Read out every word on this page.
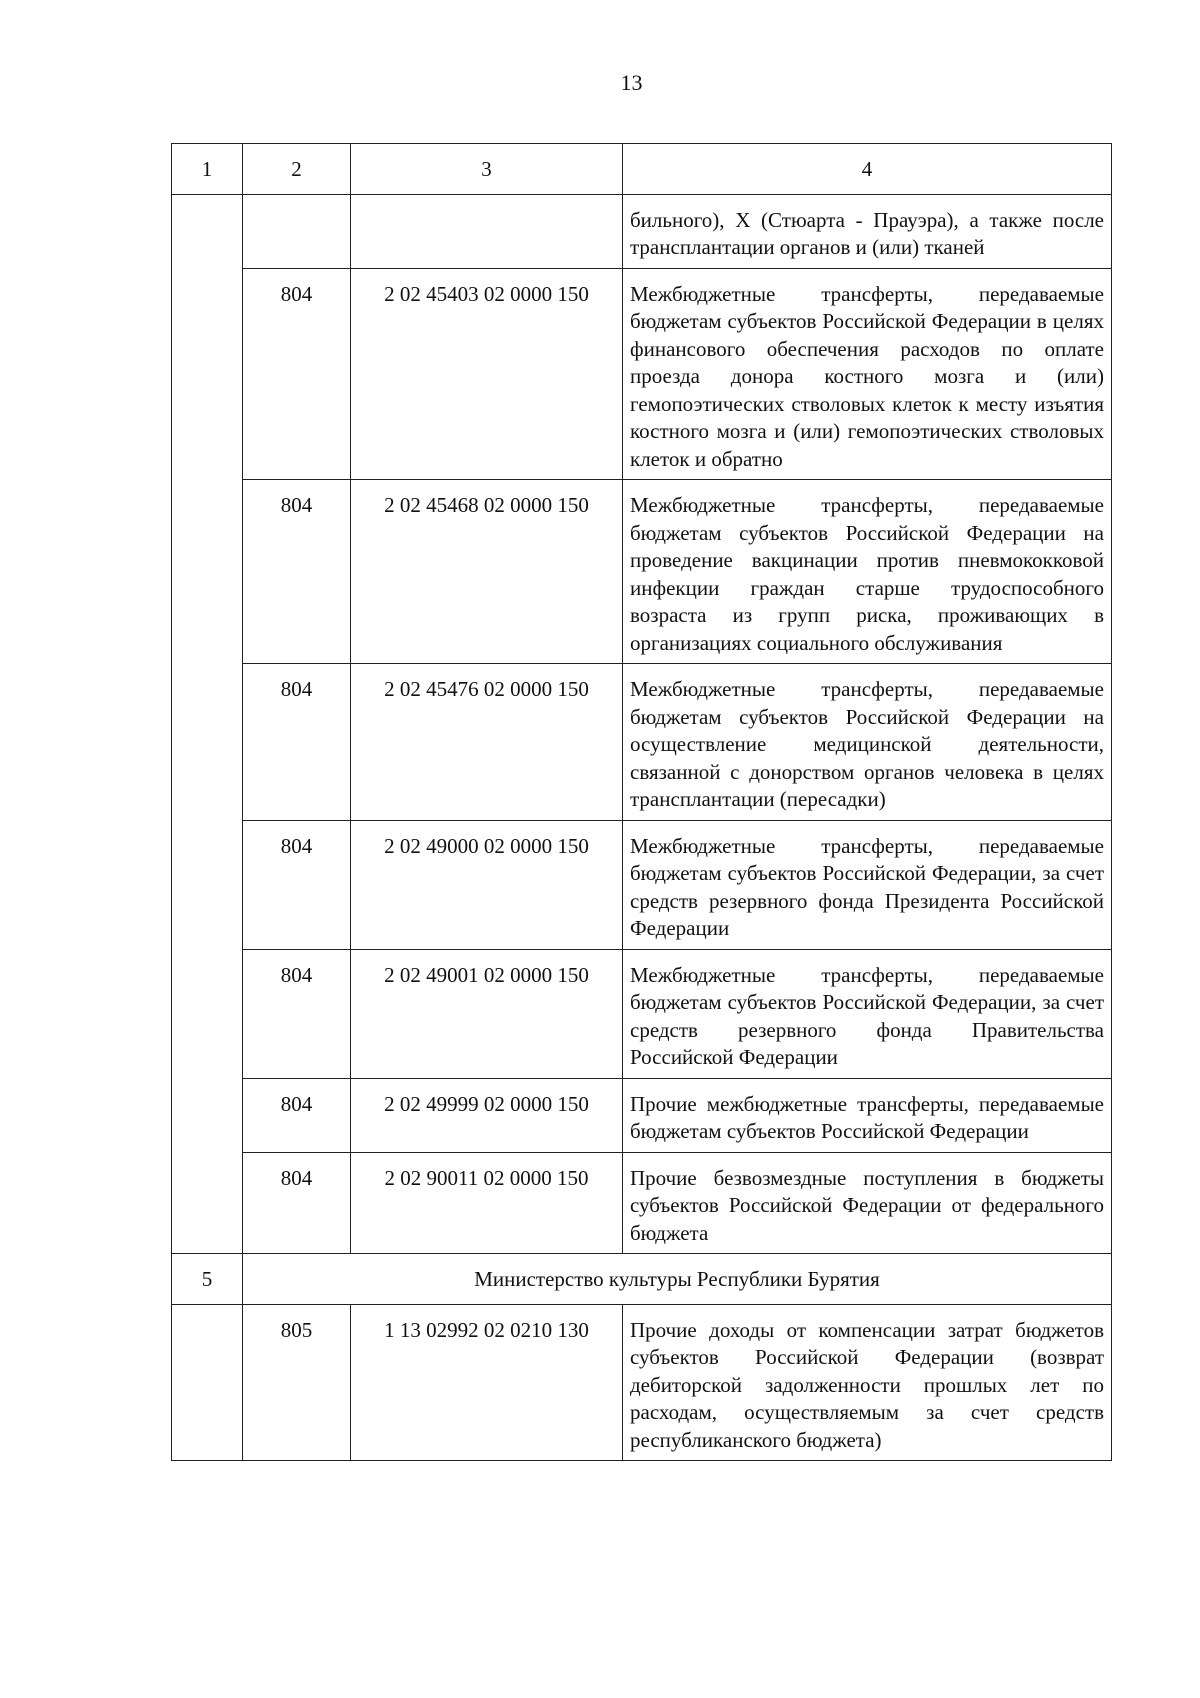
13
1	2	3	4
			бильного), X (Стюарта - Прауэра), а также после трансплантации органов и (или) тканей
	804	2 02 45403 02 0000 150	Межбюджетные трансферты, передаваемые бюджетам субъектов Российской Федерации в целях финансового обеспечения расходов по оплате проезда донора костного мозга и (или) гемопоэтических стволовых клеток к месту изъятия костного мозга и (или) гемопоэтических стволовых клеток и обратно
	804	2 02 45468 02 0000 150	Межбюджетные трансферты, передаваемые бюджетам субъектов Российской Федерации на проведение вакцинации против пневмококковой инфекции граждан старше трудоспособного возраста из групп риска, проживающих в организациях социального обслуживания
	804	2 02 45476 02 0000 150	Межбюджетные трансферты, передаваемые бюджетам субъектов Российской Федерации на осуществление медицинской деятельности, связанной с донорством органов человека в целях трансплантации (пересадки)
	804	2 02 49000 02 0000 150	Межбюджетные трансферты, передаваемые бюджетам субъектов Российской Федерации, за счет средств резервного фонда Президента Российской Федерации
	804	2 02 49001 02 0000 150	Межбюджетные трансферты, передаваемые бюджетам субъектов Российской Федерации, за счет средств резервного фонда Правительства Российской Федерации
	804	2 02 49999 02 0000 150	Прочие межбюджетные трансферты, передаваемые бюджетам субъектов Российской Федерации
	804	2 02 90011 02 0000 150	Прочие безвозмездные поступления в бюджеты субъектов Российской Федерации от федерального бюджета
5	Министерство культуры Республики Бурятия		
	805	1 13 02992 02 0210 130	Прочие доходы от компенсации затрат бюджетов субъектов Российской Федерации (возврат дебиторской задолженности прошлых лет по расходам, осуществляемым за счет средств республиканского бюджета)
